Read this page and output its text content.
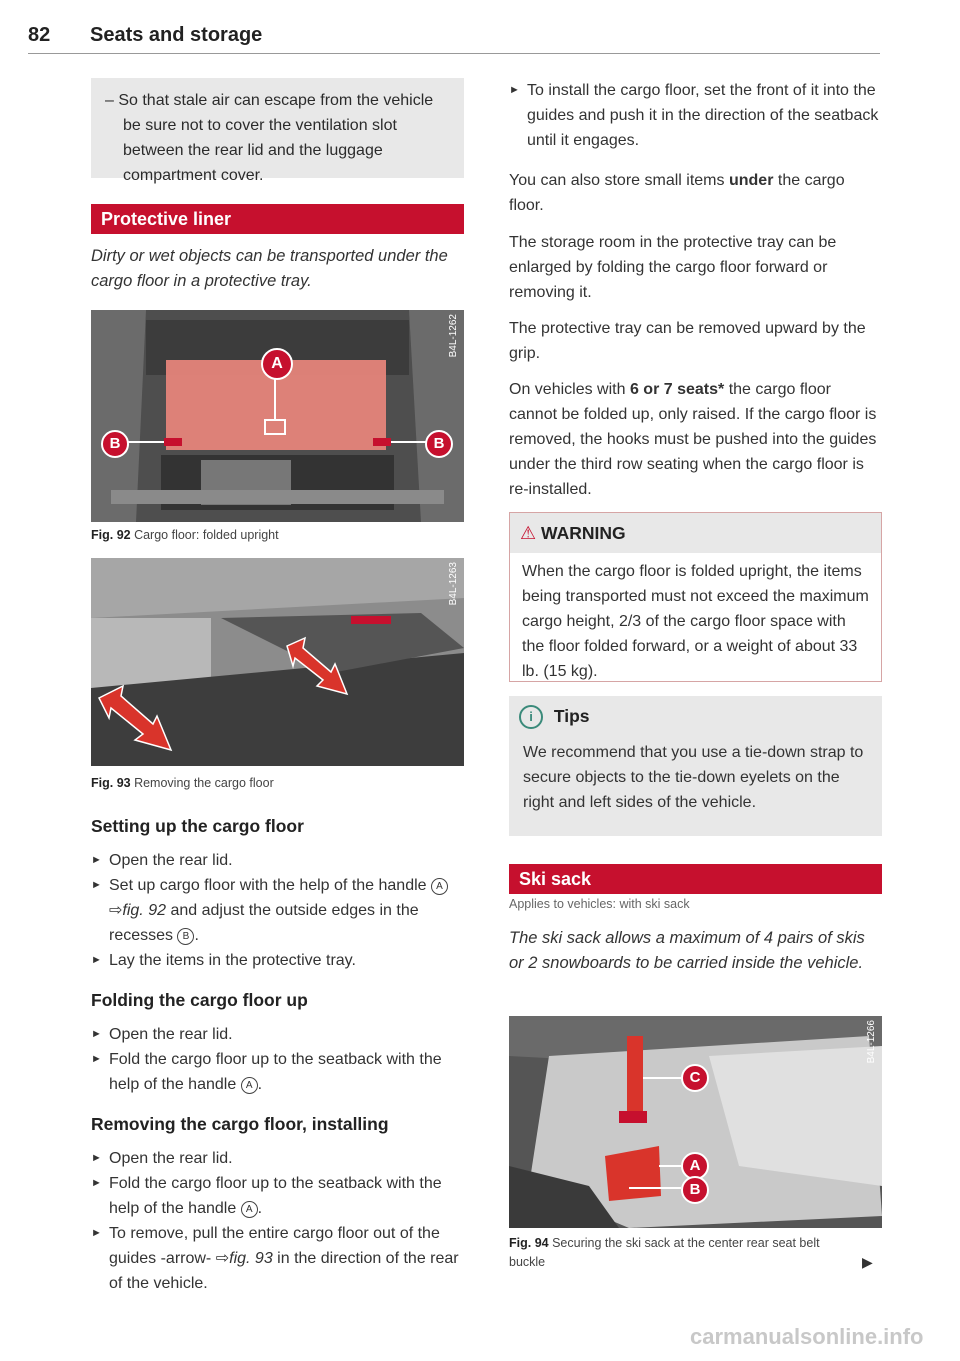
82 Seats and storage
– So that stale air can escape from the vehicle be sure not to cover the ventilation slot between the rear lid and the luggage compartment cover.
Protective liner
Dirty or wet objects can be transported under the cargo floor in a protective tray.
A
B	B
B4L-1262
Fig. 92 Cargo floor: folded upright
B4L-1263
Fig. 93 Removing the cargo floor
Setting up the cargo floor
► Open the rear lid.
► Set up cargo floor with the help of the handle A ⇨fig. 92 and adjust the outside edges in the recesses B .
► Lay the items in the protective tray.
Folding the cargo floor up
► Open the rear lid.
► Fold the cargo floor up to the seatback with the help of the handle A .
Removing the cargo floor, installing
► Open the rear lid.
► Fold the cargo floor up to the seatback with the help of the handle A .
► To remove, pull the entire cargo floor out of the guides -arrow- ⇨fig. 93 in the direction of the rear of the vehicle.
► To install the cargo floor, set the front of it into the guides and push it in the direction of the seatback until it engages.

You can also store small items under the cargo floor.

The storage room in the protective tray can be enlarged by folding the cargo floor forward or removing it.

The protective tray can be removed upward by the grip.

On vehicles with 6 or 7 seats* the cargo floor cannot be folded up, only raised. If the cargo floor is removed, the hooks must be pushed into the guides under the third row seating when the cargo floor is re-installed.

⚠ WARNING
When the cargo floor is folded upright, the items being transported must not exceed the maximum cargo height, 2/3 of the cargo floor space with the floor folded forward, or a weight of about 33 lb. (15 kg).
i Tips
We recommend that you use a tie-down strap to secure objects to the tie-down eyelets on the right and left sides of the vehicle.
Ski sack
Applies to vehicles: with ski sack
The ski sack allows a maximum of 4 pairs of skis or 2 snowboards to be carried inside the vehicle.
C
A
B
B4L-1266
Fig. 94 Securing the ski sack at the center rear seat belt buckle	▶
carmanualsonline.info
